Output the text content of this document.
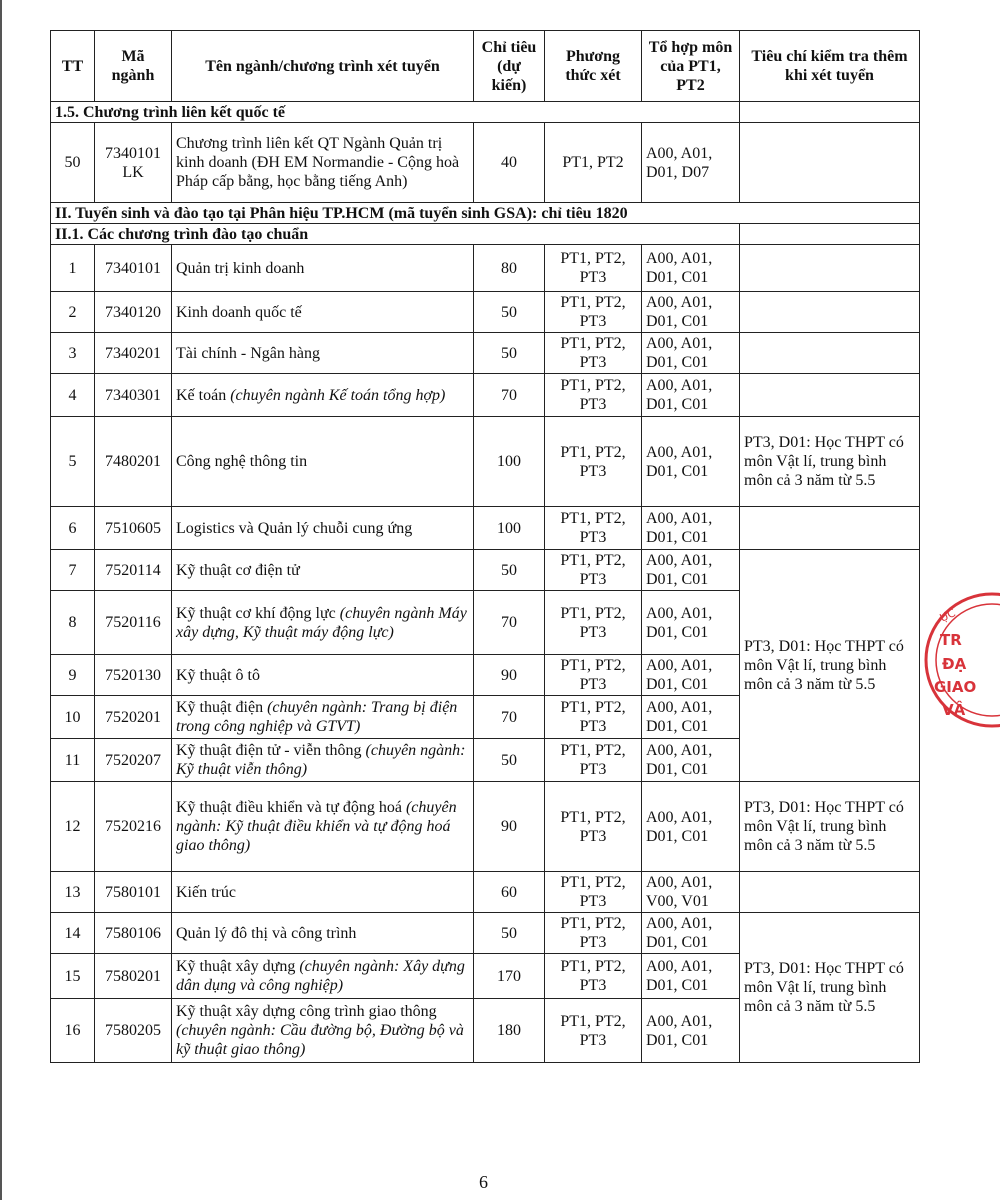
TT	Mã ngành	Tên ngành/chương trình xét tuyển	Chỉ tiêu (dự kiến)	Phương thức xét	Tổ hợp môn của PT1, PT2	Tiêu chí kiểm tra thêm khi xét tuyển
1.5. Chương trình liên kết quốc tế						
50	7340101 LK	Chương trình liên kết QT Ngành Quản trị kinh doanh (ĐH EM Normandie - Cộng hoà Pháp cấp bằng, học bằng tiếng Anh)	40	PT1, PT2	A00, A01, D01, D07	
II. Tuyển sinh và đào tạo tại Phân hiệu TP.HCM (mã tuyển sinh GSA): chỉ tiêu 1820						
II.1. Các chương trình đào tạo chuẩn						
1	7340101	Quản trị kinh doanh	80	PT1, PT2, PT3	A00, A01, D01, C01	
2	7340120	Kinh doanh quốc tế	50	PT1, PT2, PT3	A00, A01, D01, C01	
3	7340201	Tài chính - Ngân hàng	50	PT1, PT2, PT3	A00, A01, D01, C01	
4	7340301	Kế toán (chuyên ngành Kế toán tổng hợp)	70	PT1, PT2, PT3	A00, A01, D01, C01	
5	7480201	Công nghệ thông tin	100	PT1, PT2, PT3	A00, A01, D01, C01	PT3, D01: Học THPT có môn Vật lí, trung bình môn cả 3 năm từ 5.5
6	7510605	Logistics và Quản lý chuỗi cung ứng	100	PT1, PT2, PT3	A00, A01, D01, C01	
7	7520114	Kỹ thuật cơ điện tử	50	PT1, PT2, PT3	A00, A01, D01, C01	PT3, D01: Học THPT có môn Vật lí, trung bình môn cả 3 năm từ 5.5
8	7520116	Kỹ thuật cơ khí động lực (chuyên ngành Máy xây dựng, Kỹ thuật máy động lực)	70	PT1, PT2, PT3	A00, A01, D01, C01	
9	7520130	Kỹ thuật ô tô	90	PT1, PT2, PT3	A00, A01, D01, C01	
10	7520201	Kỹ thuật điện (chuyên ngành: Trang bị điện trong công nghiệp và GTVT)	70	PT1, PT2, PT3	A00, A01, D01, C01	
11	7520207	Kỹ thuật điện tử - viễn thông (chuyên ngành: Kỹ thuật viễn thông)	50	PT1, PT2, PT3	A00, A01, D01, C01	
12	7520216	Kỹ thuật điều khiển và tự động hoá (chuyên ngành: Kỹ thuật điều khiển và tự động hoá giao thông)	90	PT1, PT2, PT3	A00, A01, D01, C01	PT3, D01: Học THPT có môn Vật lí, trung bình môn cả 3 năm từ 5.5
13	7580101	Kiến trúc	60	PT1, PT2, PT3	A00, A01, V00, V01	
14	7580106	Quản lý đô thị và công trình	50	PT1, PT2, PT3	A00, A01, D01, C01	PT3, D01: Học THPT có môn Vật lí, trung bình môn cả 3 năm từ 5.5
15	7580201	Kỹ thuật xây dựng (chuyên ngành: Xây dựng dân dụng và công nghiệp)	170	PT1, PT2, PT3	A00, A01, D01, C01	
16	7580205	Kỹ thuật xây dựng công trình giao thông (chuyên ngành: Cầu đường bộ, Đường bộ và kỹ thuật giao thông)	180	PT1, PT2, PT3	A00, A01, D01, C01	
6
ỤC
TR
ĐẠ
GIAO
VẬ
